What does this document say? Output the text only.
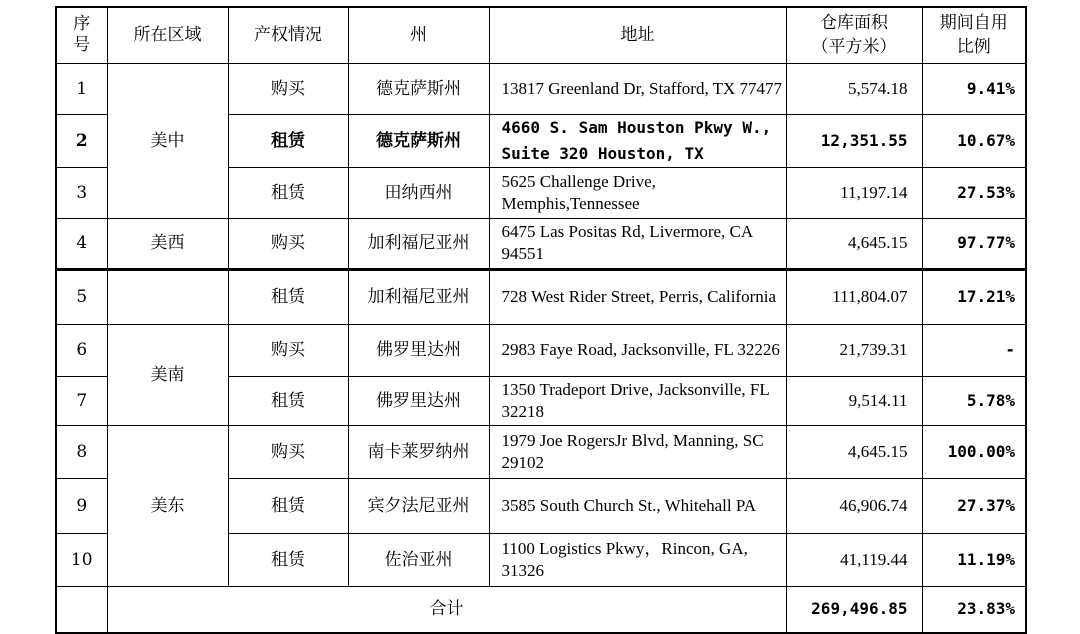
序号	所在区域	产权情况	州	地址	仓库面积（平方米）	期间自用比例

1	美中	购买	德克萨斯州	13817 Greenland Dr, Stafford, TX 77477	5,574.18	9.41%
2		租赁	德克萨斯州	4660 S. Sam Houston Pkwy W., Suite 320 Houston, TX	12,351.55	10.67%
3		租赁	田纳西州	5625 Challenge Drive, Memphis,Tennessee	11,197.14	27.53%
4	美西	购买	加利福尼亚州	6475 Las Positas Rd, Livermore, CA 94551	4,645.15	97.77%
5		租赁	加利福尼亚州	728 West Rider Street, Perris, California	111,804.07	17.21%
6	美南	购买	佛罗里达州	2983 Faye Road, Jacksonville, FL 32226	21,739.31	-
7		租赁	佛罗里达州	1350 Tradeport Drive, Jacksonville, FL 32218	9,514.11	5.78%
8	美东	购买	南卡莱罗纳州	1979 Joe RogersJr Blvd, Manning, SC 29102	4,645.15	100.00%
9		租赁	宾夕法尼亚州	3585 South Church St., Whitehall PA	46,906.74	27.37%
10		租赁	佐治亚州	1100 Logistics Pkwy，Rincon, GA, 31326	41,119.44	11.19%
	合计				269,496.85	23.83%
